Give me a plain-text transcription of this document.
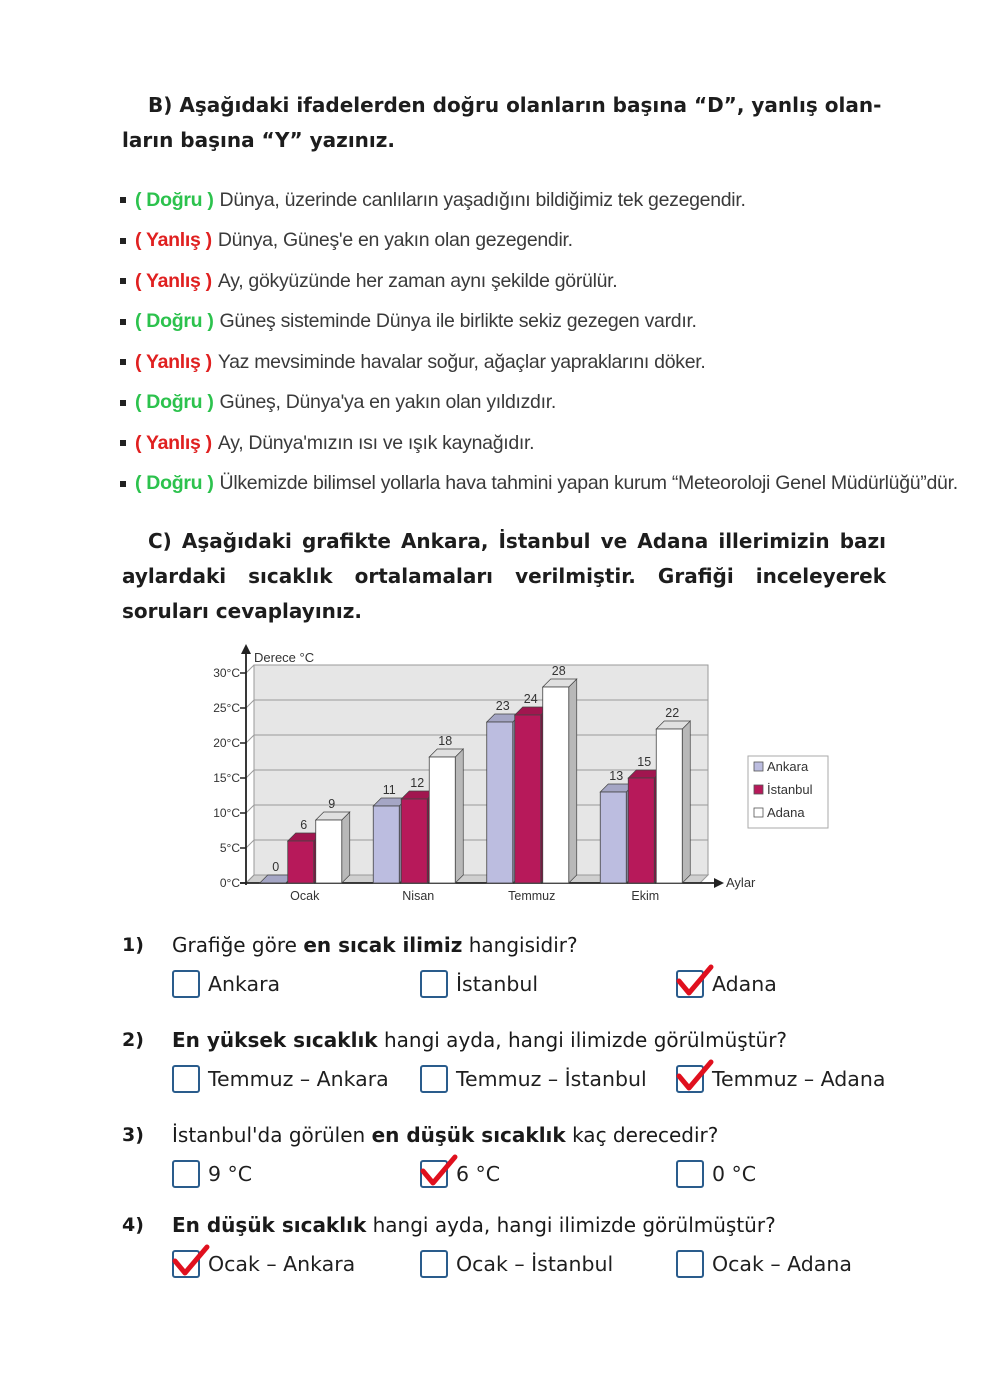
B) Aşağıdaki ifadelerden doğru olanların başına “D”, yanlış olan-
ların başına “Y” yazınız.

( Doğru ) Dünya, üzerinde canlıların yaşadığını bildiğimiz tek gezegendir.
( Yanlış ) Dünya, Güneş'e en yakın olan gezegendir.
( Yanlış ) Ay, gökyüzünde her zaman aynı şekilde görülür.
( Doğru ) Güneş sisteminde Dünya ile birlikte sekiz gezegen vardır.
( Yanlış ) Yaz mevsiminde havalar soğur, ağaçlar yapraklarını döker.
( Doğru ) Güneş, Dünya'ya en yakın olan yıldızdır.
( Yanlış ) Ay, Dünya'mızın ısı ve ışık kaynağıdır.
( Doğru ) Ülkemizde bilimsel yollarla hava tahmini yapan kurum “Meteoroloji Genel Müdürlüğü”dür.

C) Aşağıdaki grafikte Ankara, İstanbul ve Adana illerimizin bazı aylardaki sıcaklık ortalamaları verilmiştir. Grafiği inceleyerek soruları cevaplayınız.

0°C
5°C
10°C
15°C
20°C
25°C
30°C
Derece °C
Aylar
0
6
9
Ocak
11 12
18
Nisan
23 24
28
Temmuz
13
15
22
Ekim
Ankara
İstanbul
Adana
1)	Grafiğe göre en sıcak ilimiz hangisidir?
Ankara	İstanbul	Adana
2)	En yüksek sıcaklık hangi ayda, hangi ilimizde görülmüştür?
Temmuz – Ankara	Temmuz – İstanbul	Temmuz – Adana
3)	İstanbul'da görülen en düşük sıcaklık kaç derecedir?
9 °C	6 °C	0 °C
4)	En düşük sıcaklık hangi ayda, hangi ilimizde görülmüştür?
Ocak – Ankara	Ocak – İstanbul	Ocak – Adana
